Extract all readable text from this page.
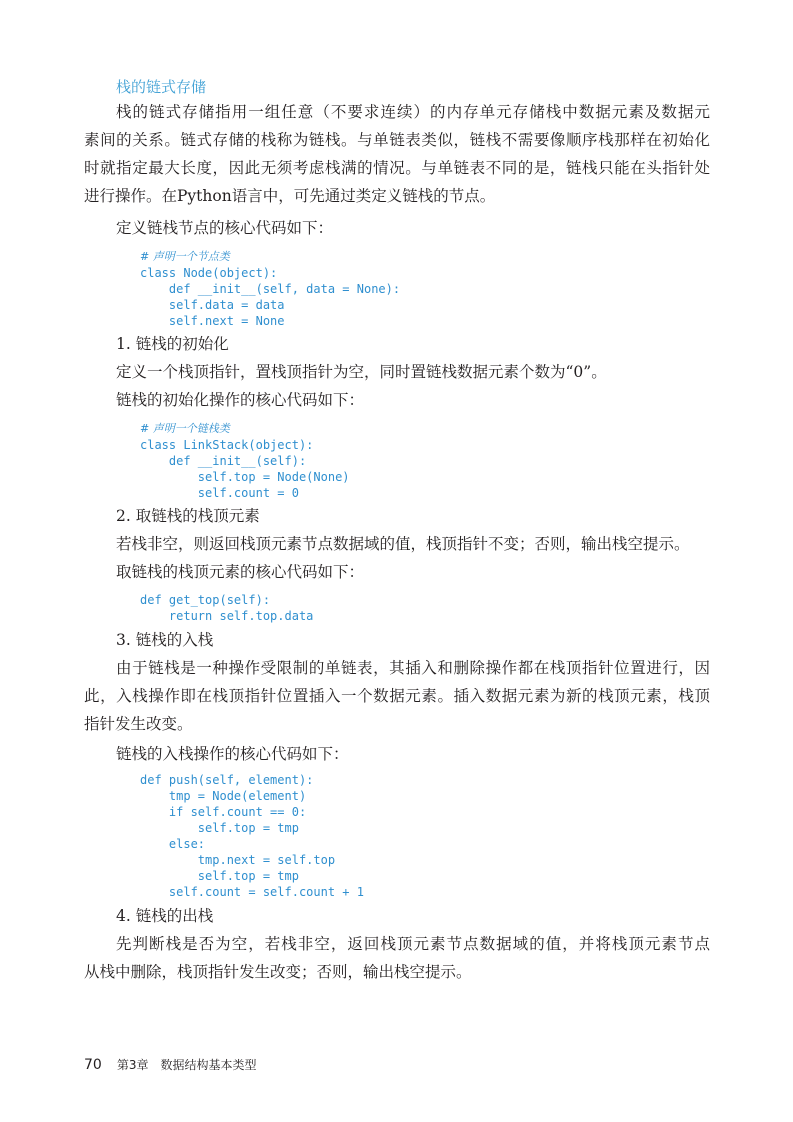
栈的链式存储
栈的链式存储指用一组任意（不要求连续）的内存单元存储栈中数据元素及数据元
素间的关系。链式存储的栈称为链栈。与单链表类似，链栈不需要像顺序栈那样在初始化
时就指定最大长度，因此无须考虑栈满的情况。与单链表不同的是，链栈只能在头指针处
进行操作。在Python语言中，可先通过类定义链栈的节点。
定义链栈节点的核心代码如下：
# 声明一个节点类
class Node(object):
def __init__(self, data = None):
self.data = data
self.next = None
1. 链栈的初始化
定义一个栈顶指针，置栈顶指针为空，同时置链栈数据元素个数为“0”。
链栈的初始化操作的核心代码如下：
# 声明一个链栈类
class LinkStack(object):
def __init__(self):
self.top = Node(None)
self.count = 0
2. 取链栈的栈顶元素
若栈非空，则返回栈顶元素节点数据域的值，栈顶指针不变；否则，输出栈空提示。
取链栈的栈顶元素的核心代码如下：
def get_top(self):
return self.top.data
3. 链栈的入栈
由于链栈是一种操作受限制的单链表，其插入和删除操作都在栈顶指针位置进行，因
此，入栈操作即在栈顶指针位置插入一个数据元素。插入数据元素为新的栈顶元素，栈顶
指针发生改变。
链栈的入栈操作的核心代码如下：
def push(self, element):
tmp = Node(element)
if self.count == 0:
self.top = tmp
else:
tmp.next = self.top
self.top = tmp
self.count = self.count + 1
4. 链栈的出栈
先判断栈是否为空，若栈非空，返回栈顶元素节点数据域的值，并将栈顶元素节点
从栈中删除，栈顶指针发生改变；否则，输出栈空提示。
70 第3章　数据结构基本类型
